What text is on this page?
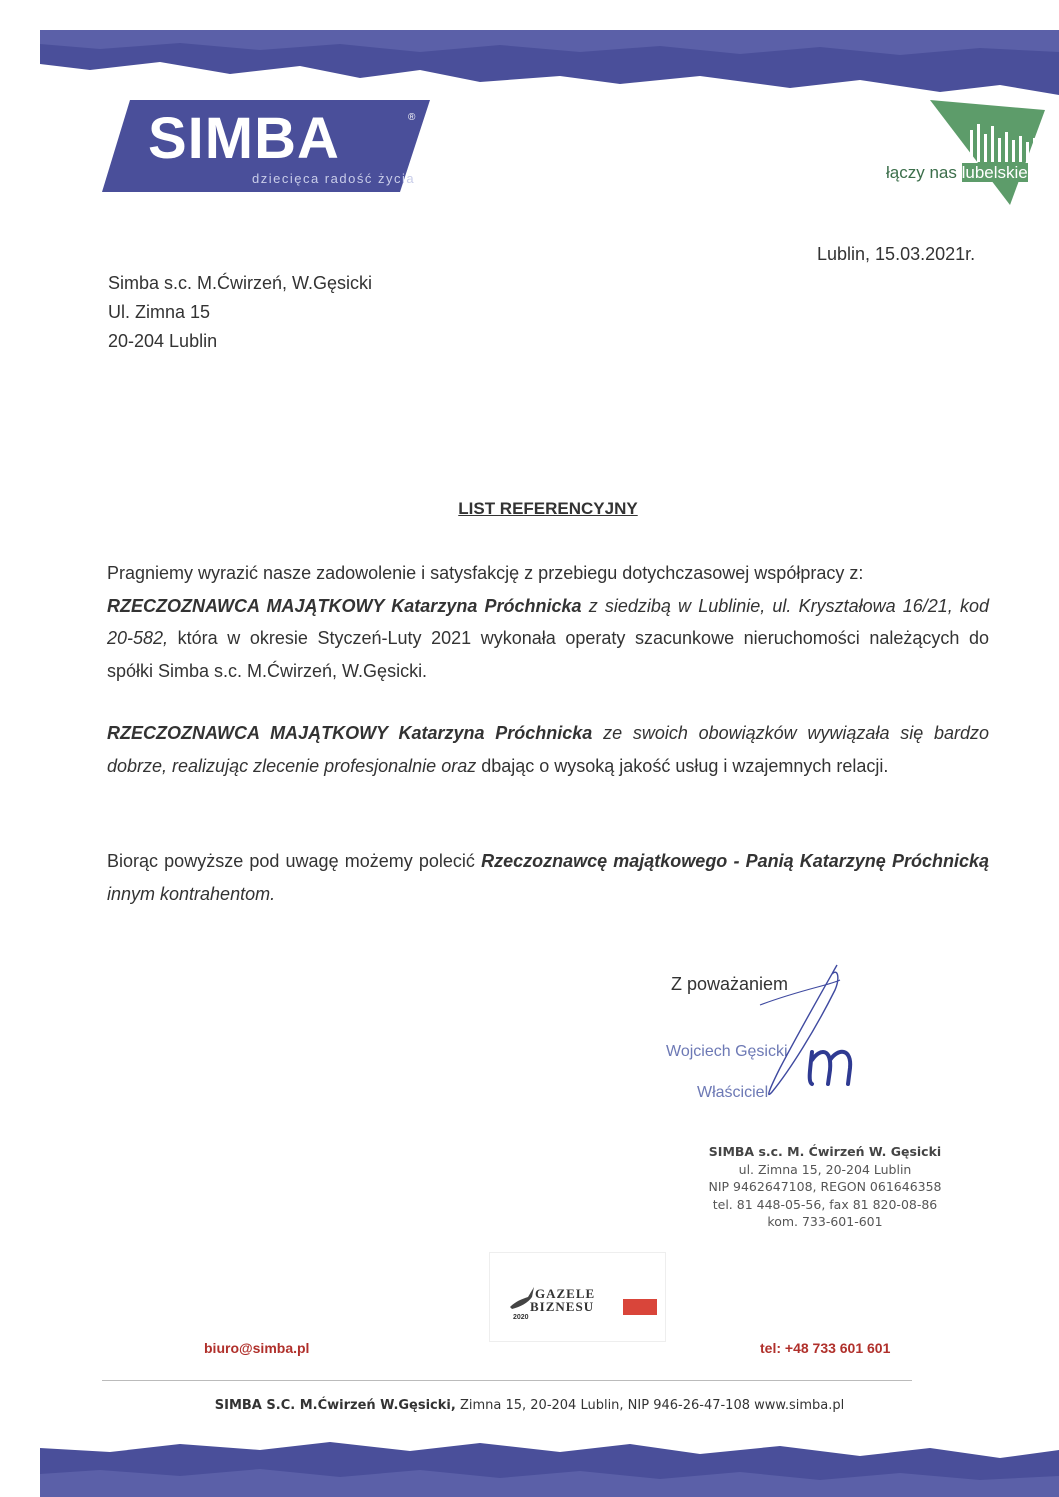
SIMBA	®
dziecięca radość życia	łączy nas lubelskie
Lublin, 15.03.2021r.
Simba s.c. M.Ćwirzeń, W.Gęsicki
Ul. Zimna 15
20-204 Lublin
LIST REFERENCYJNY

Pragniemy wyrazić nasze zadowolenie i satysfakcję z przebiegu dotychczasowej współpracy z:
RZECZOZNAWCA MAJĄTKOWY Katarzyna Próchnicka z siedzibą w Lublinie, ul. Kryształowa 16/21, kod 20-582, która w okresie Styczeń-Luty 2021 wykonała operaty szacunkowe nieruchomości należących do spółki Simba s.c. M.Ćwirzeń, W.Gęsicki.

RZECZOZNAWCA MAJĄTKOWY Katarzyna Próchnicka ze swoich obowiązków wywiązała się bardzo dobrze, realizując zlecenie profesjonalnie oraz dbając o wysoką jakość usług i wzajemnych relacji.

Biorąc powyższe pod uwagę możemy polecić Rzeczoznawcę majątkowego - Panią Katarzynę Próchnicką innym kontrahentom.

Z poważaniem
Wojciech Gęsicki
Właściciel
SIMBA s.c. M. Ćwirzeń W. Gęsicki
ul. Zimna 15, 20-204 Lublin
NIP 9462647108, REGON 061646358
tel. 81 448-05-56, fax 81 820-08-86
kom. 733-601-601
GAZELE
BIZNESU
2020
biuro@simba.pl	tel: +48 733 601 601
SIMBA S.C. M.Ćwirzeń W.Gęsicki, Zimna 15, 20-204 Lublin, NIP 946-26-47-108 www.simba.pl
